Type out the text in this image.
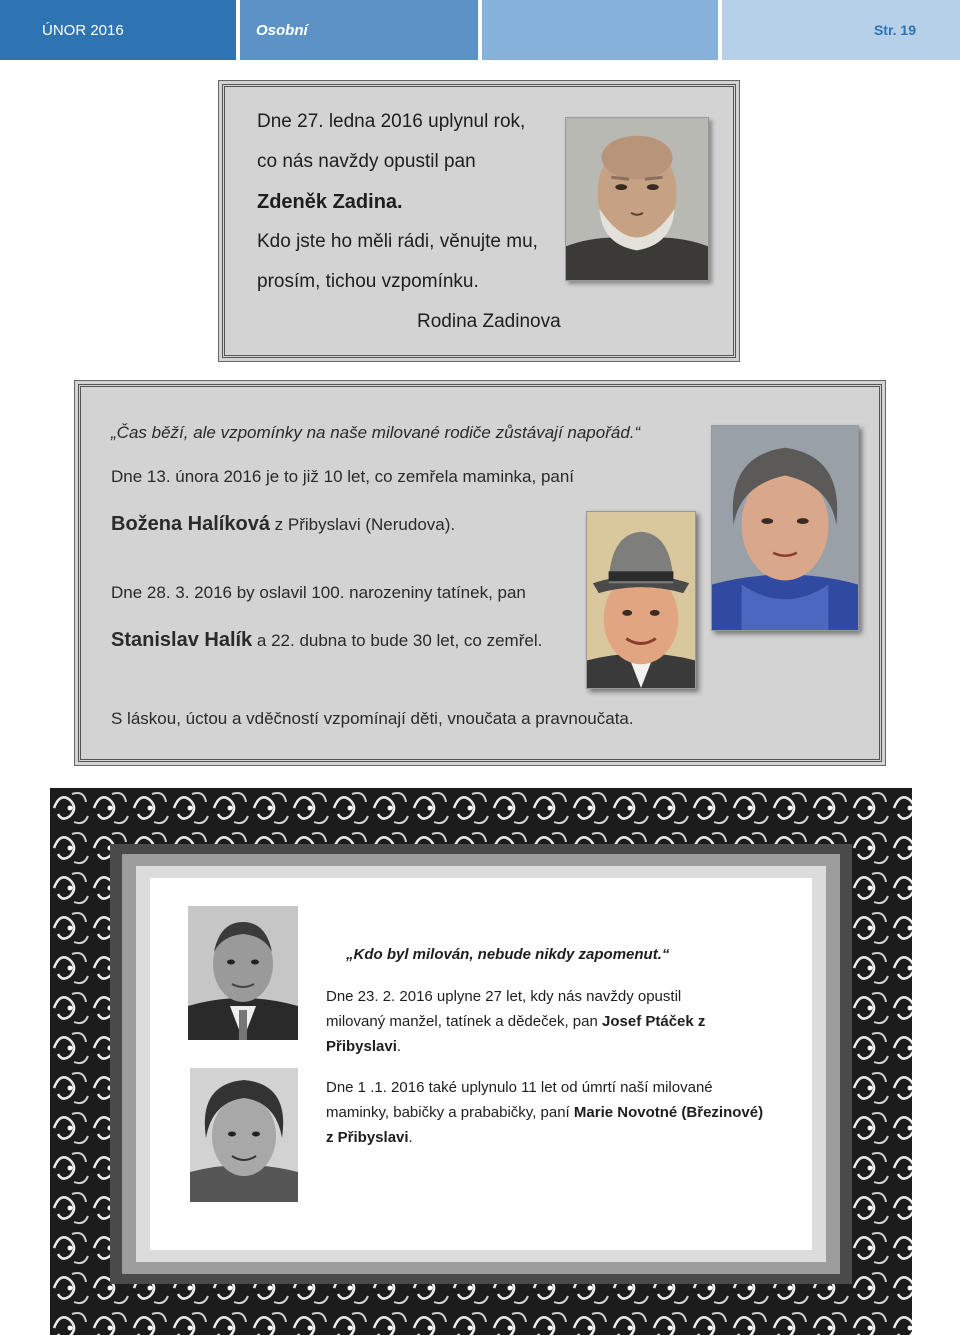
ÚNOR 2016	Osobní	Str. 19
Dne 27. ledna 2016 uplynul rok,
co nás navždy opustil pan
Zdeněk Zadina.
Kdo jste ho měli rádi, věnujte mu,
prosím, tichou vzpomínku.
Rodina Zadinova
„Čas běží, ale vzpomínky na naše milované rodiče zůstávají napořád.“
Dne 13. února 2016 je to již 10 let, co zemřela maminka, paní
Božena Halíková z Přibyslavi (Nerudova).
Dne 28. 3. 2016 by oslavil 100. narozeniny tatínek, pan
Stanislav Halík a 22. dubna to bude 30 let, co zemřel.
S láskou, úctou a vděčností vzpomínají děti, vnoučata a pravnoučata.
„Kdo byl milován, nebude nikdy zapomenut.“
Dne 23. 2. 2016 uplyne 27 let, kdy nás navždy opustil
milovaný manžel, tatínek a dědeček, pan Josef Ptáček z
Přibyslavi.
Dne 1 .1. 2016 také uplynulo 11 let od úmrtí naší milované
maminky, babičky a prababičky, paní Marie Novotné (Březinové)
z Přibyslavi.
